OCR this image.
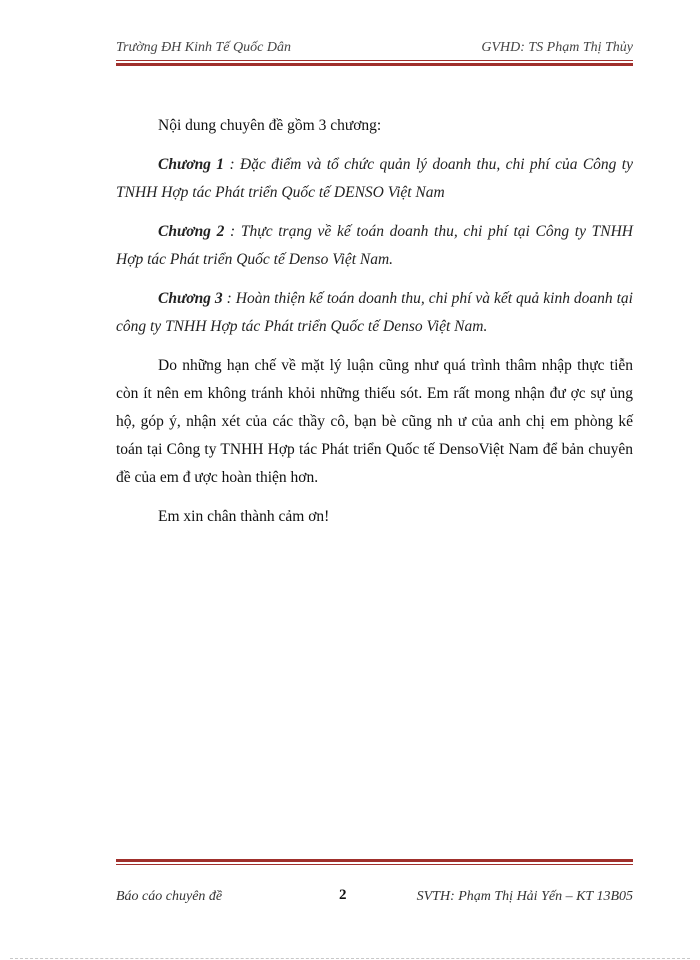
Trường ĐH Kinh Tế Quốc Dân	GVHD: TS Phạm Thị Thủy

Nội dung chuyên đề gồm 3 chương:

Chương 1 : Đặc điểm và tổ chức quản lý doanh thu, chi phí của Công ty TNHH Hợp tác Phát triển Quốc tế DENSO Việt Nam

Chương 2 : Thực trạng về kế toán doanh thu, chi phí tại Công ty TNHH Hợp tác Phát triển Quốc tế Denso Việt Nam.

Chương 3 : Hoàn thiện kế toán doanh thu, chi phí và kết quả kinh doanh tại công ty TNHH Hợp tác Phát triển Quốc tế Denso Việt Nam.

Do những hạn chế về mặt lý luận cũng như quá trình thâm nhập thực tiễn còn ít nên em không tránh khỏi những thiếu sót. Em rất mong nhận đư ợc sự ủng hộ, góp ý, nhận xét của các thầy cô, bạn bè cũng nh ư của anh chị em phòng kế toán tại Công ty TNHH Hợp tác Phát triển Quốc tế DensoViệt Nam để bản chuyên đề của em đ ược hoàn thiện hơn.

Em xin chân thành cảm ơn!

Báo cáo chuyên đề	2	SVTH: Phạm Thị Hải Yến – KT 13B05
